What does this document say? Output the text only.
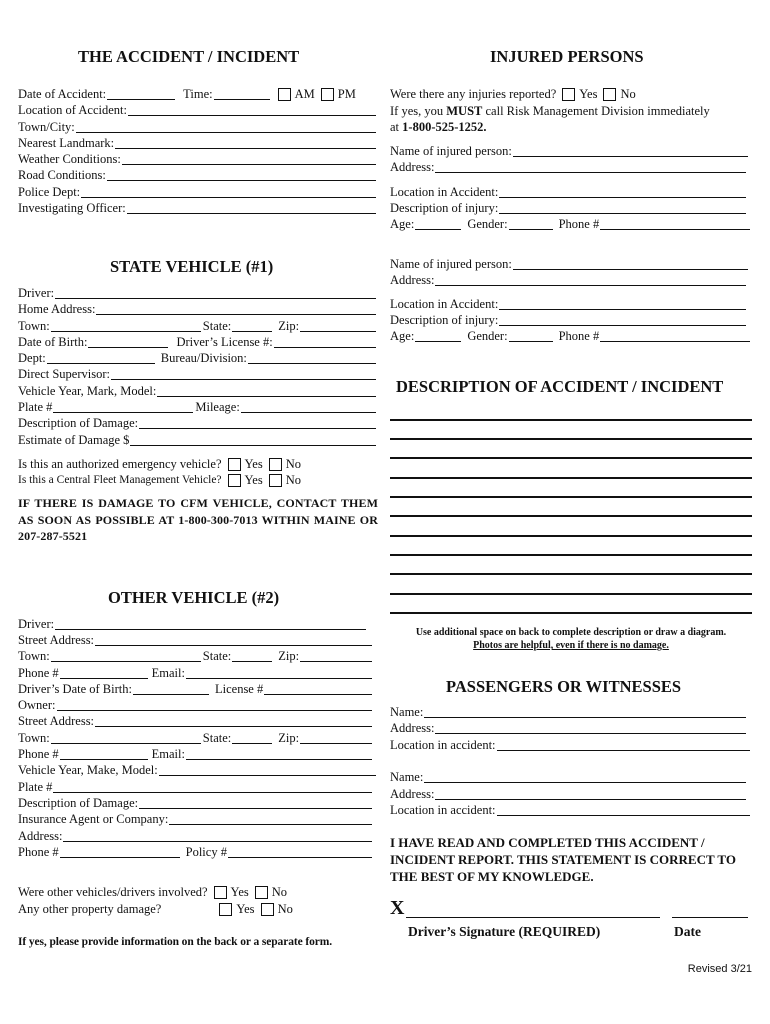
THE ACCIDENT / INCIDENT
Date of Accident:	Time:	AM PM
Location of Accident:
Town/City:
Nearest Landmark:
Weather Conditions:
Road Conditions:
Police Dept:
Investigating Officer:
STATE VEHICLE (#1)
Driver:
Home Address:
Town:	State:	Zip:
Date of Birth:	Driver’s License #:
Dept:	Bureau/Division:
Direct Supervisor:
Vehicle Year, Mark, Model:
Plate #	Mileage:
Description of Damage:
Estimate of Damage $
Is this an authorized emergency vehicle? Yes No
Is this a Central Fleet Management Vehicle? Yes No
IF THERE IS DAMAGE TO CFM VEHICLE, CONTACT THEM AS SOON AS POSSIBLE AT 1-800-300-7013 WITHIN MAINE OR 207-287-5521
OTHER VEHICLE (#2)
Driver:
Street Address:
Town:	State:	Zip:
Phone #	Email:
Driver’s Date of Birth:	License #
Owner:
Street Address:
Town:	State:	Zip:
Phone #	Email:
Vehicle Year, Make, Model:
Plate #
Description of Damage:
Insurance Agent or Company:
Address:
Phone #	Policy #
Were other vehicles/drivers involved? Yes No
Any other property damage?	Yes No
If yes, please provide information on the back or a separate form.
INJURED PERSONS
Were there any injuries reported? Yes No
If yes, you MUST call Risk Management Division immediately
at 1-800-525-1252.
Name of injured person:
Address:
Location in Accident:
Description of injury:
Age:	Gender:	Phone #
Name of injured person:
Address:
Location in Accident:
Description of injury:
Age:	Gender:	Phone #
DESCRIPTION OF ACCIDENT / INCIDENT
Use additional space on back to complete description or draw a diagram.
Photos are helpful, even if there is no damage.
PASSENGERS OR WITNESSES
Name:
Address:
Location in accident:
Name:
Address:
Location in accident:
I HAVE READ AND COMPLETED THIS ACCIDENT / INCIDENT REPORT. THIS STATEMENT IS CORRECT TO THE BEST OF MY KNOWLEDGE.
X
Driver’s Signature (REQUIRED)	Date
Revised 3/21
